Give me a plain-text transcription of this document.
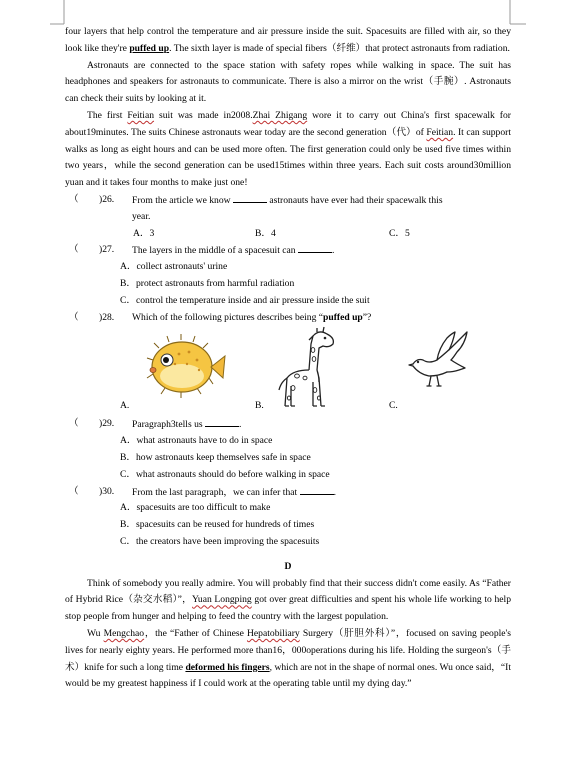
four layers that help control the temperature and air pressure inside the suit. Spacesuits are filled with air, so they look like they're puffed up. The sixth layer is made of special fibers（纤维）that protect astronauts from radiation.

Astronauts are connected to the space station with safety ropes while walking in space. The suit has headphones and speakers for astronauts to communicate. There is also a mirror on the wrist（手腕）. Astronauts can check their suits by looking at it.

The first Feitian suit was made in2008.Zhai Zhigang wore it to carry out China's first spacewalk for about19minutes. The suits Chinese astronauts wear today are the second generation（代）of Feitian. It can support walks as long as eight hours and can be used more often. The first generation could only be used five times within two years，while the second generation can be used15times within three years. Each suit costs around30million yuan and it takes four months to make just one!

（ )26. From the article we know	astronauts have ever had their spacewalk this
year.
A．3	B．4	C．5
（ )27. The layers in the middle of a spacesuit can	.
A．collect astronauts' urine
B．protect astronauts from harmful radiation
C．control the temperature inside and air pressure inside the suit
（ )28. Which of the following pictures describes being “puffed up”?
A.	B.	C.
（ )29. Paragraph3tells us	.
A．what astronauts have to do in space
B．how astronauts keep themselves safe in space
C．what astronauts should do before walking in space
（ )30. From the last paragraph，we can infer that	.
A．spacesuits are too difficult to make
B．spacesuits can be reused for hundreds of times
C．the creators have been improving the spacesuits
D

Think of somebody you really admire. You will probably find that their success didn't come easily. As “Father of Hybrid Rice（杂交水稻）”，Yuan Longping got over great difficulties and spent his whole life working to help stop people from hunger and helping to feed the country with the largest population.

Wu Mengchao，the “Father of Chinese Hepatobiliary Surgery（肝胆外科）”，focused on saving people's lives for nearly eighty years. He performed more than16，000operations during his life. Holding the surgeon's（手术）knife for such a long time deformed his fingers, which are not in the shape of normal ones. Wu once said，“It would be my greatest happiness if I could work at the operating table until my dying day.”
